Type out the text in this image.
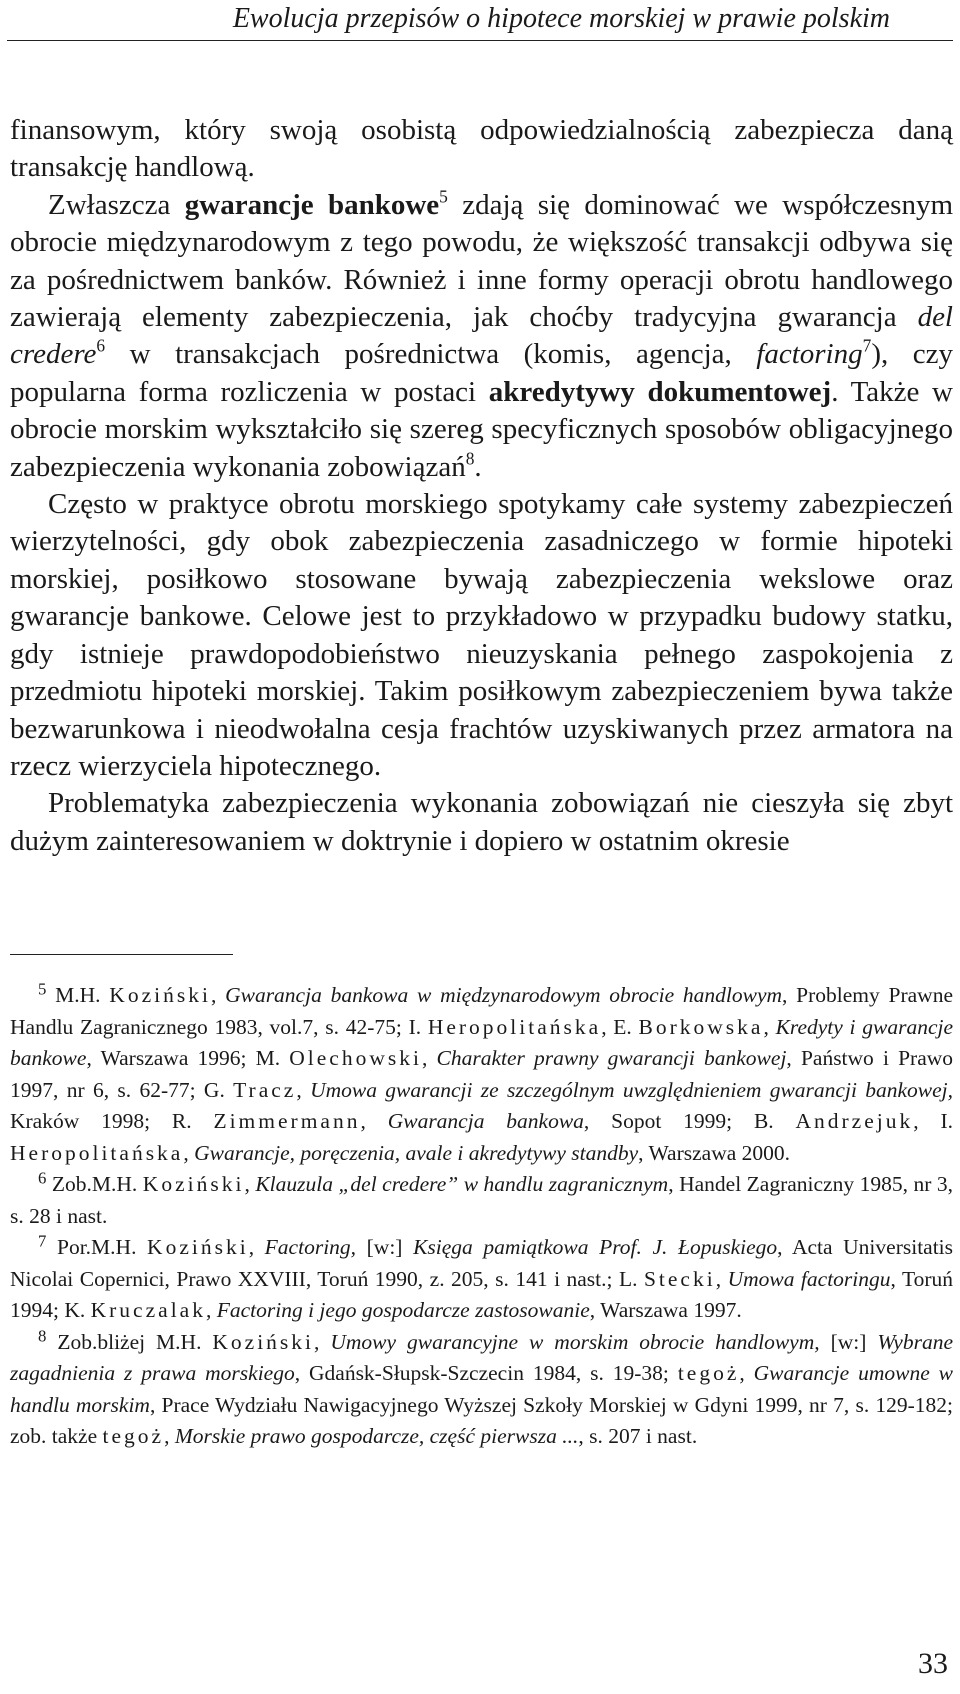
Ewolucja przepisów o hipotece morskiej w prawie polskim

finansowym, który swoją osobistą odpowiedzialnością zabezpiecza daną transakcję handlową.

Zwłaszcza gwarancje bankowe$^5$ zdają się dominować we współczesnym obrocie międzynarodowym z tego powodu, że większość transakcji odbywa się za pośrednictwem banków. Również i inne formy operacji obrotu handlowego zawierają elementy zabezpieczenia, jak choćby tradycyjna gwarancja del credere$^6$ w transakcjach pośrednictwa (komis, agencja, factoring$^7$), czy popularna forma rozliczenia w postaci akredytywy dokumentowej. Także w obrocie morskim wykształciło się szereg specyficznych sposobów obligacyjnego zabezpieczenia wykonania zobowiązań$^8$.

Często w praktyce obrotu morskiego spotykamy całe systemy zabezpieczeń wierzytelności, gdy obok zabezpieczenia zasadniczego w formie hipoteki morskiej, posiłkowo stosowane bywają zabezpieczenia wekslowe oraz gwarancje bankowe. Celowe jest to przykładowo w przypadku budowy statku, gdy istnieje prawdopodobieństwo nieuzyskania pełnego zaspokojenia z przedmiotu hipoteki morskiej. Takim posiłkowym zabezpieczeniem bywa także bezwarunkowa i nieodwołalna cesja frachtów uzyskiwanych przez armatora na rzecz wierzyciela hipotecznego.

Problematyka zabezpieczenia wykonania zobowiązań nie cieszyła się zbyt dużym zainteresowaniem w doktrynie i dopiero w ostatnim okresie

$^5$ M.H. Koziński, Gwarancja bankowa w międzynarodowym obrocie handlowym, Problemy Prawne Handlu Zagranicznego 1983, vol.7, s. 42-75; I. Heropolitańska, E. Borkowska, Kredyty i gwarancje bankowe, Warszawa 1996; M. Olechowski, Charakter prawny gwarancji bankowej, Państwo i Prawo 1997, nr 6, s. 62-77; G. Tracz, Umowa gwarancji ze szczególnym uwzględnieniem gwarancji bankowej, Kraków 1998; R. Zimmermann, Gwarancja bankowa, Sopot 1999; B. Andrzejuk, I. Heropolitańska, Gwarancje, poręczenia, avale i akredytywy standby, Warszawa 2000.

$^6$ Zob.M.H. Koziński, Klauzula „del credere” w handlu zagranicznym, Handel Zagraniczny 1985, nr 3, s. 28 i nast.

$^7$ Por.M.H. Koziński, Factoring, [w:] Księga pamiątkowa Prof. J. Łopuskiego, Acta Universitatis Nicolai Copernici, Prawo XXVIII, Toruń 1990, z. 205, s. 141 i nast.; L. Stecki, Umowa factoringu, Toruń 1994; K. Kruczalak, Factoring i jego gospodarcze zastosowanie, Warszawa 1997.

$^8$ Zob.bliżej M.H. Koziński, Umowy gwarancyjne w morskim obrocie handlowym, [w:] Wybrane zagadnienia z prawa morskiego, Gdańsk-Słupsk-Szczecin 1984, s. 19-38; tegoż, Gwarancje umowne w handlu morskim, Prace Wydziału Nawigacyjnego Wyższej Szkoły Morskiej w Gdyni 1999, nr 7, s. 129-182; zob. także tegoż, Morskie prawo gospodarcze, część pierwsza ..., s. 207 i nast.

33
